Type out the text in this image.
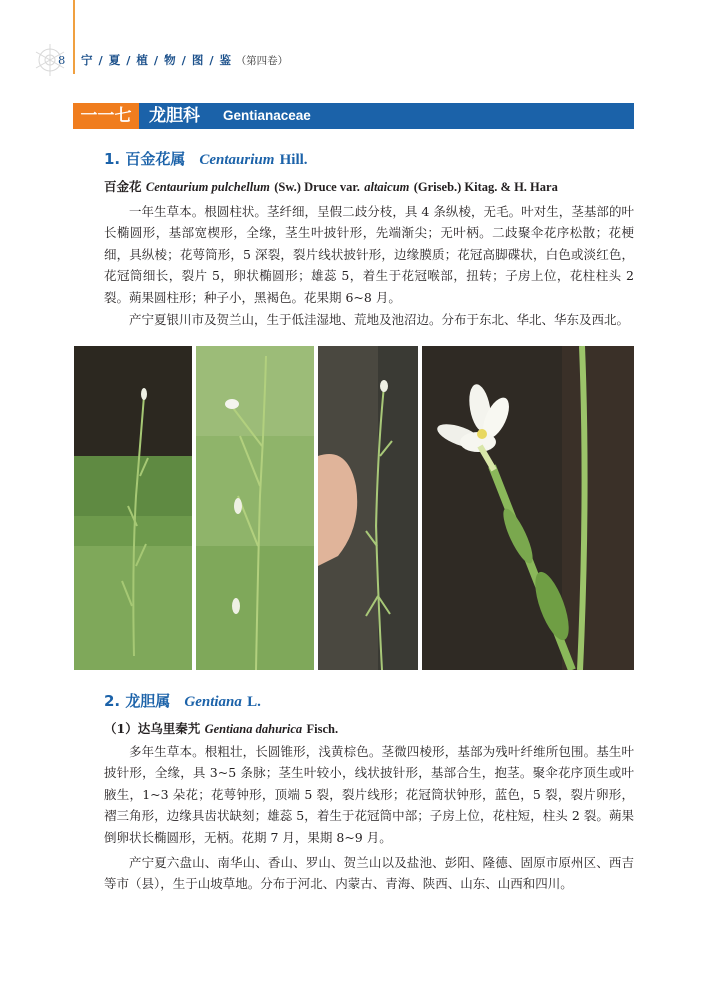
8 宁 / 夏 / 植 / 物 / 图 / 鉴 （第四卷）
一一七	龙胆科 Gentianaceae
1. 百金花属 Centaurium Hill.
百金花 Centaurium pulchellum (Sw.) Druce var. altaicum (Griseb.) Kitag. & H. Hara

一年生草本。根圆柱状。茎纤细，呈假二歧分枝，具 4 条纵棱，无毛。叶对生，茎基部的叶长椭圆形，基部宽楔形，全缘，茎生叶披针形，先端渐尖；无叶柄。二歧聚伞花序松散；花梗细，具纵棱；花萼筒形，5 深裂，裂片线状披针形，边缘膜质；花冠高脚碟状，白色或淡红色，花冠筒细长，裂片 5，卵状椭圆形；雄蕊 5，着生于花冠喉部，扭转；子房上位，花柱柱头 2 裂。蒴果圆柱形；种子小，黑褐色。花果期 6~8 月。

产宁夏银川市及贺兰山，生于低洼湿地、荒地及池沼边。分布于东北、华北、华东及西北。

2. 龙胆属 Gentiana L.
（1）达乌里秦艽 Gentiana dahurica Fisch.

多年生草本。根粗壮，长圆锥形，浅黄棕色。茎微四棱形，基部为残叶纤维所包围。基生叶披针形，全缘，具 3~5 条脉；茎生叶较小，线状披针形，基部合生，抱茎。聚伞花序顶生或叶腋生，1~3 朵花；花萼钟形，顶端 5 裂，裂片线形；花冠筒状钟形，蓝色，5 裂，裂片卵形，褶三角形，边缘具齿状缺刻；雄蕊 5，着生于花冠筒中部；子房上位，花柱短，柱头 2 裂。蒴果倒卵状长椭圆形，无柄。花期 7 月，果期 8~9 月。

产宁夏六盘山、南华山、香山、罗山、贺兰山以及盐池、彭阳、隆德、固原市原州区、西吉等市（县），生于山坡草地。分布于河北、内蒙古、青海、陕西、山东、山西和四川。
